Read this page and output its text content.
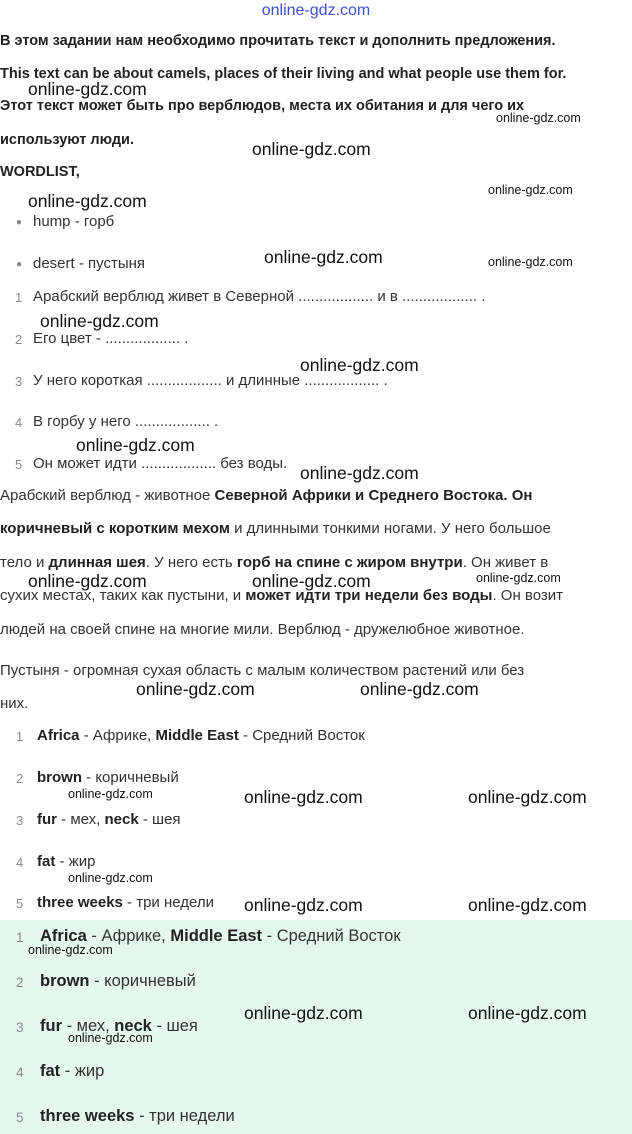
online-gdz.com
В этом задании нам необходимо прочитать текст и дополнить предложения.
This text can be about camels, places of their living and what people use them for.
Этот текст может быть про верблюдов, места их обитания и для чего их
используют люди.
WORDLIST,
● hump - горб
● desert - пустыня
1 Арабский верблюд живет в Северной .................. и в .................. .
2 Его цвет - .................. .
3 У него короткая .................. и длинные .................. .
4 В горбу у него .................. .
5 Он может идти .................. без воды.
Арабский верблюд - животное Северной Африки и Среднего Востока. Он
коричневый с коротким мехом и длинными тонкими ногами. У него большое
тело и длинная шея. У него есть горб на спине с жиром внутри. Он живет в
сухих местах, таких как пустыни, и может идти три недели без воды. Он возит
людей на своей спине на многие мили. Верблюд - дружелюбное животное.
Пустыня - огромная сухая область с малым количеством растений или без
них.
1 Africa - Африке, Middle East - Средний Восток
2 brown - коричневый
3 fur - мех, neck - шея
4 fat - жир
5 three weeks - три недели
1 Africa - Африке, Middle East - Средний Восток
2 brown - коричневый
3 fur - мех, neck - шея
4 fat - жир
5 three weeks - три недели
online-gdz.com
online-gdz.com
online-gdz.com
online-gdz.com
online-gdz.com
online-gdz.com	online-gdz.com
online-gdz.com
online-gdz.com
online-gdz.com
online-gdz.com
online-gdz.com	online-gdz.com	online-gdz.com
online-gdz.com	online-gdz.com
online-gdz.com	online-gdz.com	online-gdz.com
online-gdz.com
online-gdz.com	online-gdz.com
online-gdz.com
online-gdz.com	online-gdz.com
online-gdz.com
